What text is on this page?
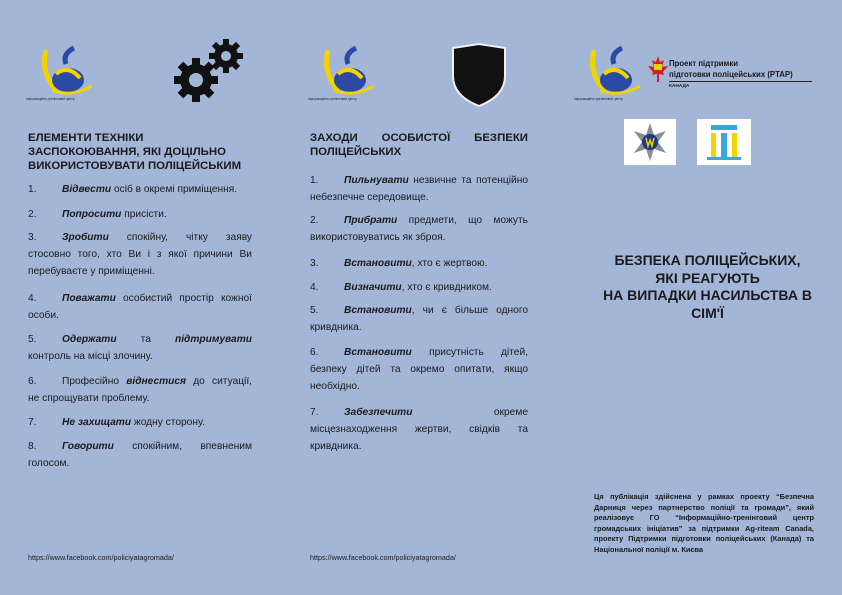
Інформаційно-тренінговий центр
ЕЛЕМЕНТИ ТЕХНІКИ ЗАСПОКОЮВАННЯ, ЯКІ ДОЦІЛЬНО ВИКОРИСТОВУВАТИ ПОЛІЦЕЙСЬКИМ
1.	Відвести осіб в окремі приміщення.
2.	Попросити присісти.
3.	Зробити спокійну, чітку заяву стосовно того, хто Ви і з якої причини Ви перебуваєте у приміщенні.
4.	Поважати особистий простір кожної особи.
5.	Одержати та підтримувати контроль на місці злочину.
6.	Професійно віднестися до ситуації, не спрощувати проблему.
7.	Не захищати жодну сторону.
8.	Говорити спокійним, впевненим голосом.
https://www.facebook.com/policiyatagromada/
Інформаційно-тренінговий центр
ЗАХОДИ ОСОБИСТОЇ БЕЗПЕКИ ПОЛІЦЕЙСЬКИХ
1.	Пильнувати незвичне та потенційно небезпечне середовище.
2.	Прибрати предмети, що можуть використовуватись як зброя.
3.	Встановити, хто є жертвою.
4.	Визначити, хто є кривдником.
5.	Встановити, чи є більше одного кривдника.
6.	Встановити присутність дітей, безпеку дітей та окремо опитати, якщо необхідно.
7.	Забезпечити окреме місцезнаходження жертви, свідків та кривдника.
https://www.facebook.com/policiyatagromada/
Інформаційно-тренінговий центр
Проект підтримки
підготовки поліцейських (PTAP)
КАНАДА
БЕЗПЕКА ПОЛІЦЕЙСЬКИХ,
ЯКІ РЕАГУЮТЬ
НА ВИПАДКИ НАСИЛЬСТВА В
СІМ'Ї
Ця публікація здійснена у рамках проекту “Безпечна Дарниця через партнерство поліції та громади”, який реалізовує ГО “Інформаційно-тренінговий центр громадських ініціатив” за підтримки Ag-riteam Canada, проекту Підтримки підготовки поліцейських (Канада) та Національної поліції м. Києва
